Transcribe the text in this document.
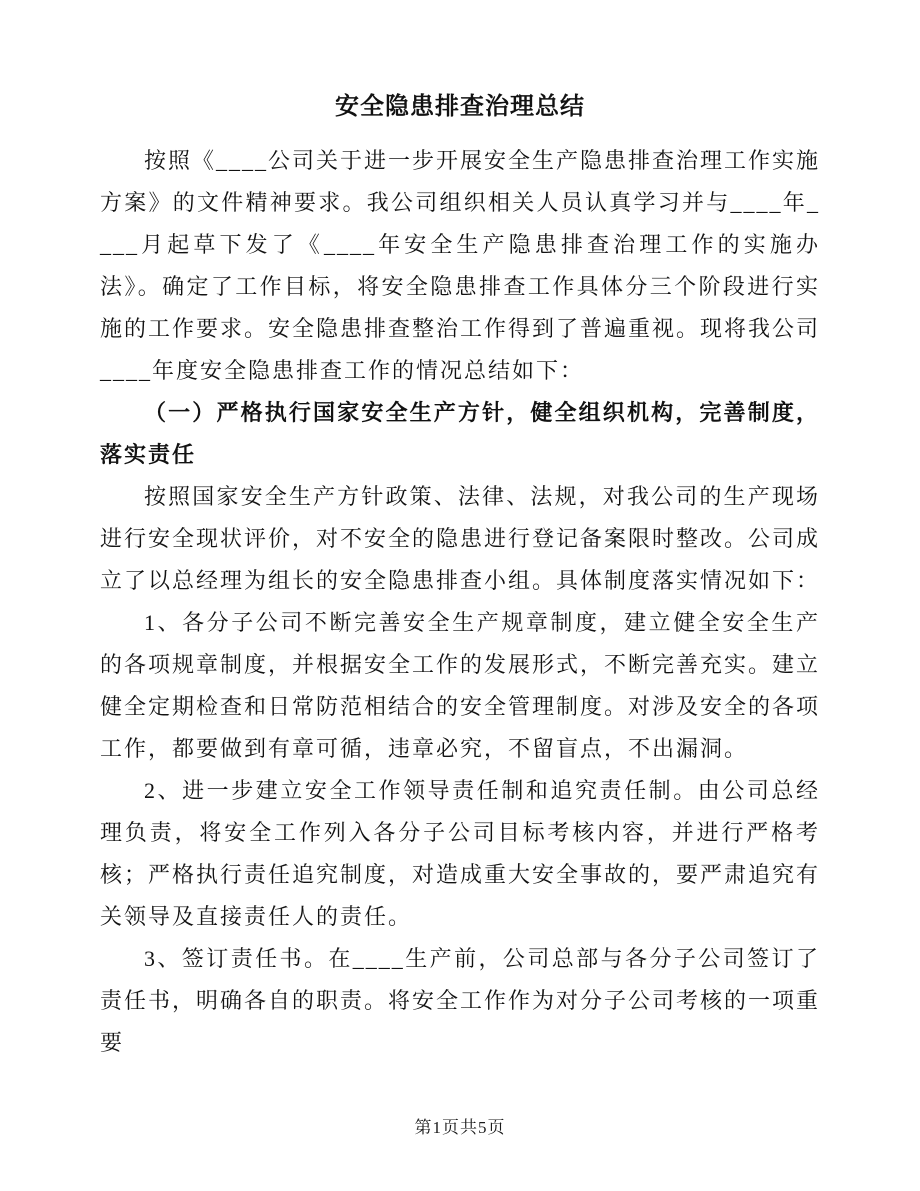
安全隐患排查治理总结

按照《____公司关于进一步开展安全生产隐患排查治理工作实施方案》的文件精神要求。我公司组织相关人员认真学习并与____年____月起草下发了《____年安全生产隐患排查治理工作的实施办法》。确定了工作目标，将安全隐患排查工作具体分三个阶段进行实施的工作要求。安全隐患排查整治工作得到了普遍重视。现将我公司____年度安全隐患排查工作的情况总结如下：

（一）严格执行国家安全生产方针，健全组织机构，完善制度，落实责任

按照国家安全生产方针政策、法律、法规，对我公司的生产现场进行安全现状评价，对不安全的隐患进行登记备案限时整改。公司成立了以总经理为组长的安全隐患排查小组。具体制度落实情况如下：

1、各分子公司不断完善安全生产规章制度，建立健全安全生产的各项规章制度，并根据安全工作的发展形式，不断完善充实。建立健全定期检查和日常防范相结合的安全管理制度。对涉及安全的各项工作，都要做到有章可循，违章必究，不留盲点，不出漏洞。

2、进一步建立安全工作领导责任制和追究责任制。由公司总经理负责，将安全工作列入各分子公司目标考核内容，并进行严格考核；严格执行责任追究制度，对造成重大安全事故的，要严肃追究有关领导及直接责任人的责任。

3、签订责任书。在____生产前，公司总部与各分子公司签订了责任书，明确各自的职责。将安全工作作为对分子公司考核的一项重要

第1页共5页
